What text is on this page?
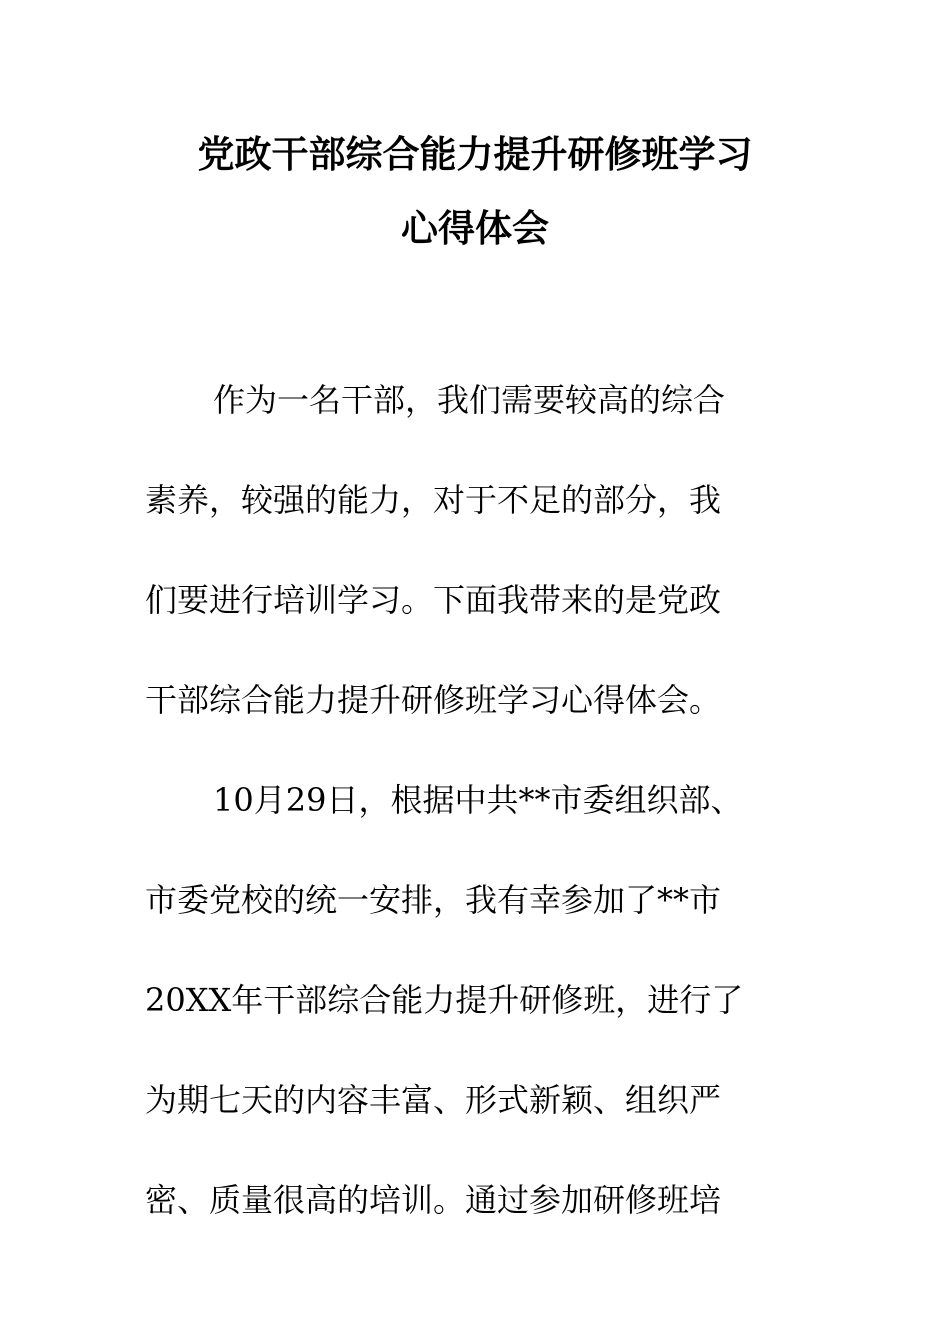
党政干部综合能力提升研修班学习
心得体会

作为一名干部，我们需要较高的综合

素养，较强的能力，对于不足的部分，我

们要进行培训学习。下面我带来的是党政

干部综合能力提升研修班学习心得体会。

10月29日，根据中共**市委组织部、

市委党校的统一安排，我有幸参加了**市

20XX年干部综合能力提升研修班，进行了

为期七天的内容丰富、形式新颖、组织严

密、质量很高的培训。通过参加研修班培
